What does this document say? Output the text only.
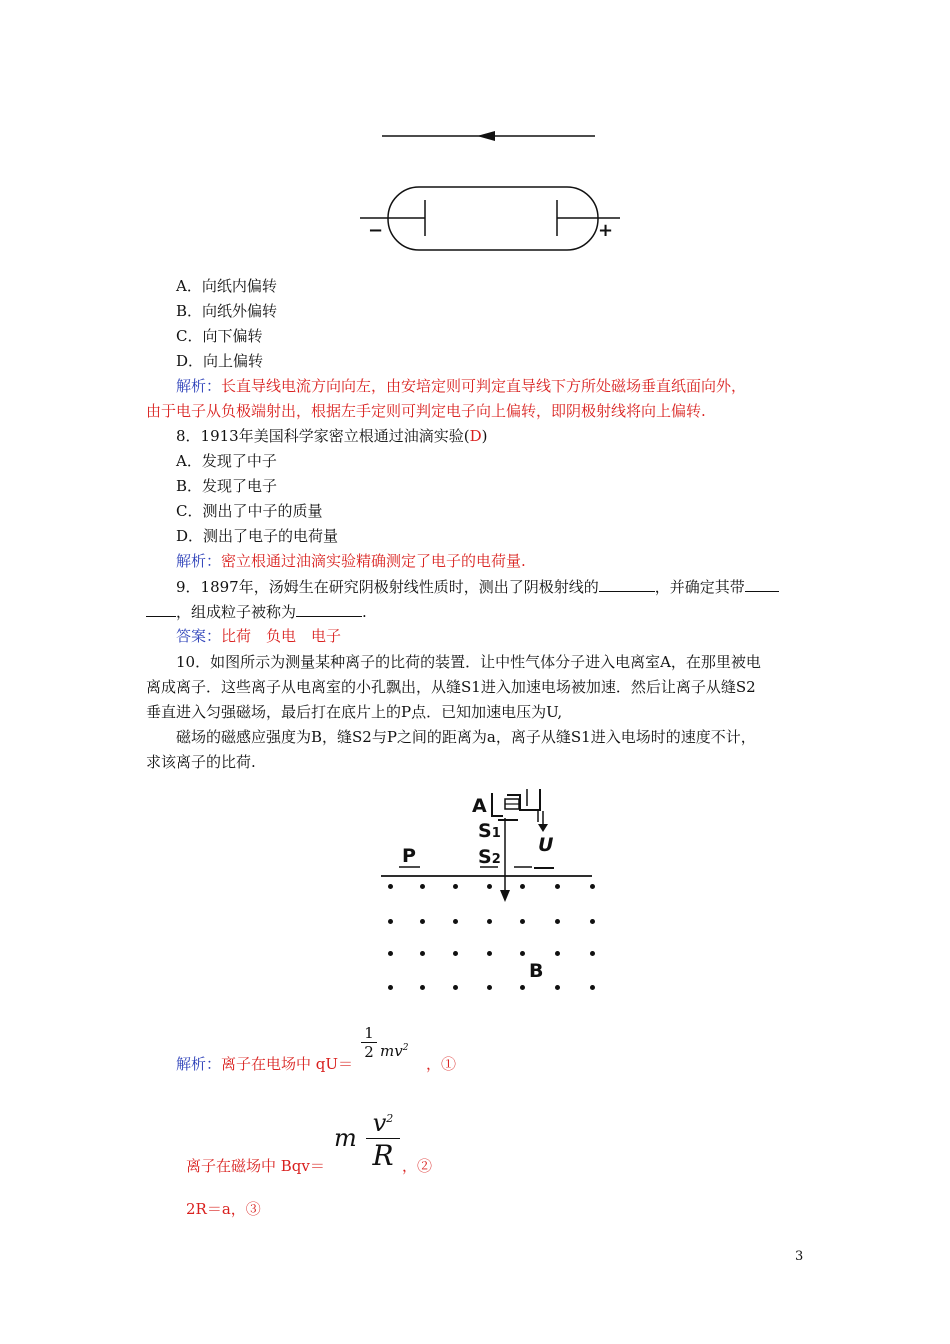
−	+
A．向纸内偏转
B．向纸外偏转
C．向下偏转
D．向上偏转
解析：长直导线电流方向向左，由安培定则可判定直导线下方所处磁场垂直纸面向外，
由于电子从负极端射出，根据左手定则可判定电子向上偏转，即阴极射线将向上偏转.
8．1913年美国科学家密立根通过油滴实验(D)
A．发现了中子
B．发现了电子
C．测出了中子的质量
D．测出了电子的电荷量
解析：密立根通过油滴实验精确测定了电子的电荷量.
9．1897年，汤姆生在研究阴极射线性质时，测出了阴极射线的	，并确定其带
，组成粒子被称为	.
答案：比荷 负电 电子
10．如图所示为测量某种离子的比荷的装置．让中性气体分子进入电离室A，在那里被电
离成离子．这些离子从电离室的小孔飘出，从缝S1进入加速电场被加速．然后让离子从缝S2
垂直进入匀强磁场，最后打在底片上的P点．已知加速电压为U,
磁场的磁感应强度为B，缝S2与P之间的距离为a，离子从缝S1进入电场时的速度不计，
求该离子的比荷.
A
S1
U
P	S2
B
解析：离子在电场中 qU＝
1
2 $mv^2$
，①
离子在磁场中 Bqv＝
m
$v^2$
R ，②
2R＝a，③
3
